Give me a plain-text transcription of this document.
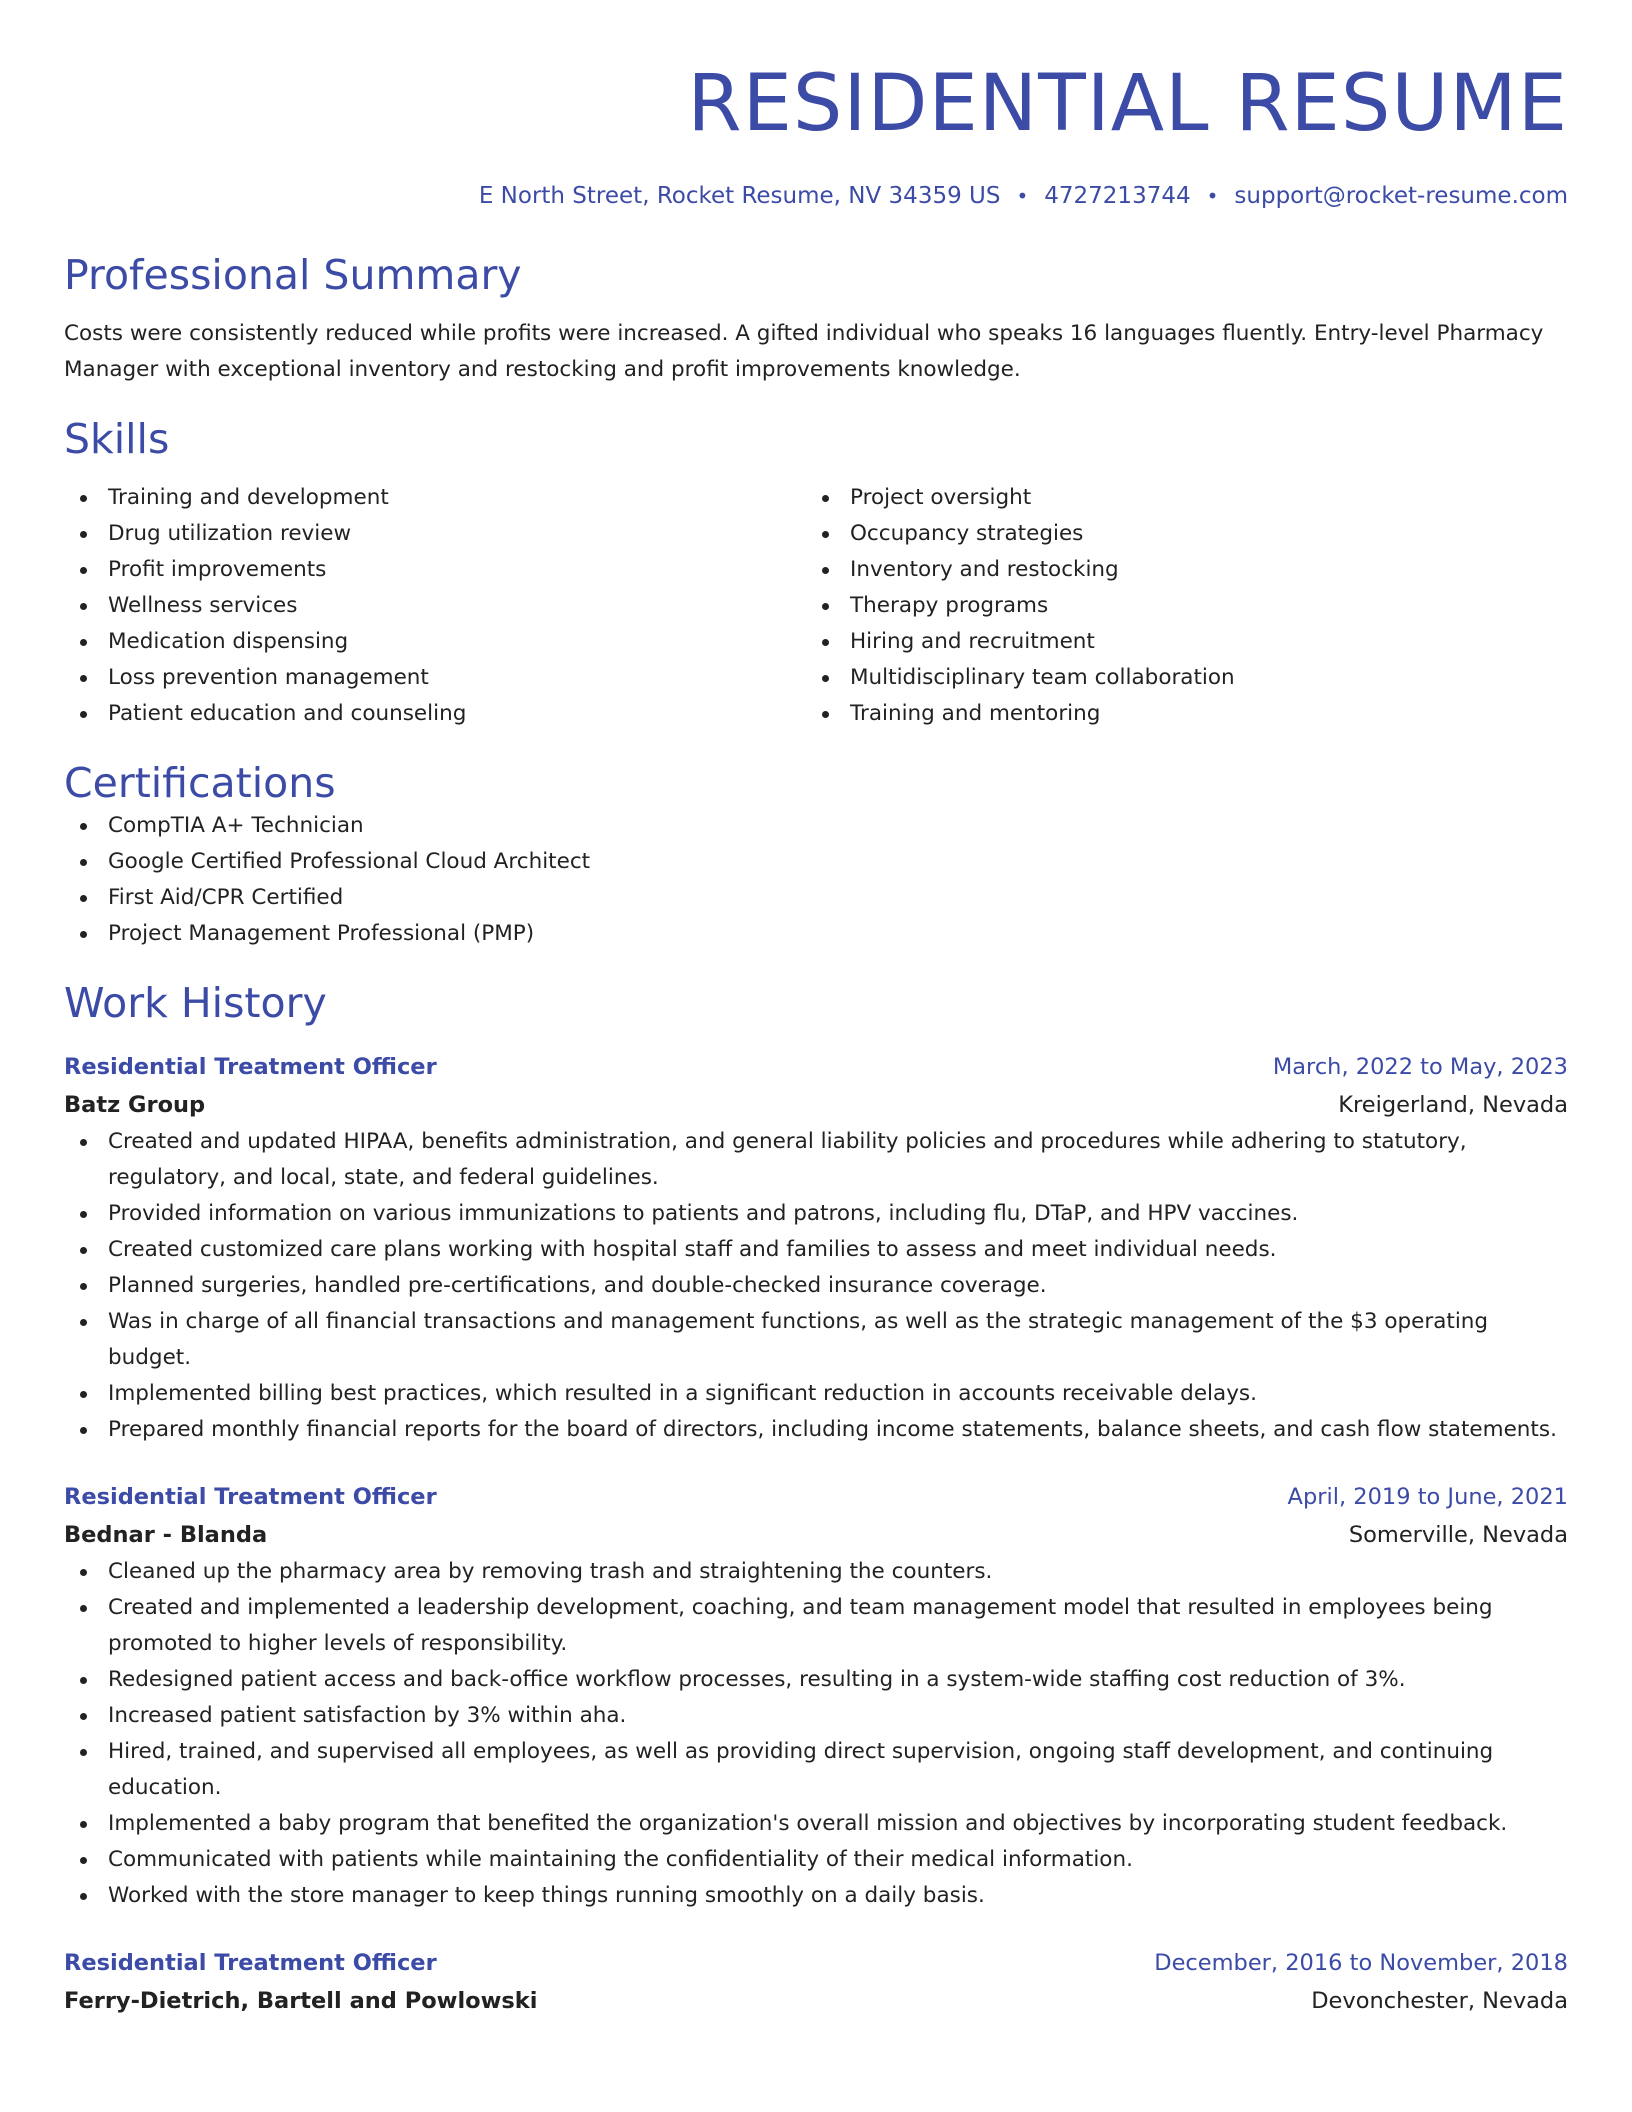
RESIDENTIAL RESUME
E North Street, Rocket Resume, NV 34359 US • 4727213744 • support@rocket-resume.com
Professional Summary
Costs were consistently reduced while profits were increased. A gifted individual who speaks 16 languages fluently. Entry-level Pharmacy Manager with exceptional inventory and restocking and profit improvements knowledge.
Skills
Training and development
Drug utilization review
Profit improvements
Wellness services
Medication dispensing
Loss prevention management
Patient education and counseling
Project oversight
Occupancy strategies
Inventory and restocking
Therapy programs
Hiring and recruitment
Multidisciplinary team collaboration
Training and mentoring
Certifications
CompTIA A+ Technician
Google Certified Professional Cloud Architect
First Aid/CPR Certified
Project Management Professional (PMP)
Work History
Residential Treatment Officer	March, 2022 to May, 2023
Batz Group	Kreigerland, Nevada
Created and updated HIPAA, benefits administration, and general liability policies and procedures while adhering to statutory, regulatory, and local, state, and federal guidelines.
Provided information on various immunizations to patients and patrons, including flu, DTaP, and HPV vaccines.
Created customized care plans working with hospital staff and families to assess and meet individual needs.
Planned surgeries, handled pre-certifications, and double-checked insurance coverage.
Was in charge of all financial transactions and management functions, as well as the strategic management of the $3 operating budget.
Implemented billing best practices, which resulted in a significant reduction in accounts receivable delays.
Prepared monthly financial reports for the board of directors, including income statements, balance sheets, and cash flow statements.
Residential Treatment Officer	April, 2019 to June, 2021
Bednar - Blanda	Somerville, Nevada
Cleaned up the pharmacy area by removing trash and straightening the counters.
Created and implemented a leadership development, coaching, and team management model that resulted in employees being promoted to higher levels of responsibility.
Redesigned patient access and back-office workflow processes, resulting in a system-wide staffing cost reduction of 3%.
Increased patient satisfaction by 3% within aha.
Hired, trained, and supervised all employees, as well as providing direct supervision, ongoing staff development, and continuing education.
Implemented a baby program that benefited the organization's overall mission and objectives by incorporating student feedback.
Communicated with patients while maintaining the confidentiality of their medical information.
Worked with the store manager to keep things running smoothly on a daily basis.
Residential Treatment Officer	December, 2016 to November, 2018
Ferry-Dietrich, Bartell and Powlowski	Devonchester, Nevada
